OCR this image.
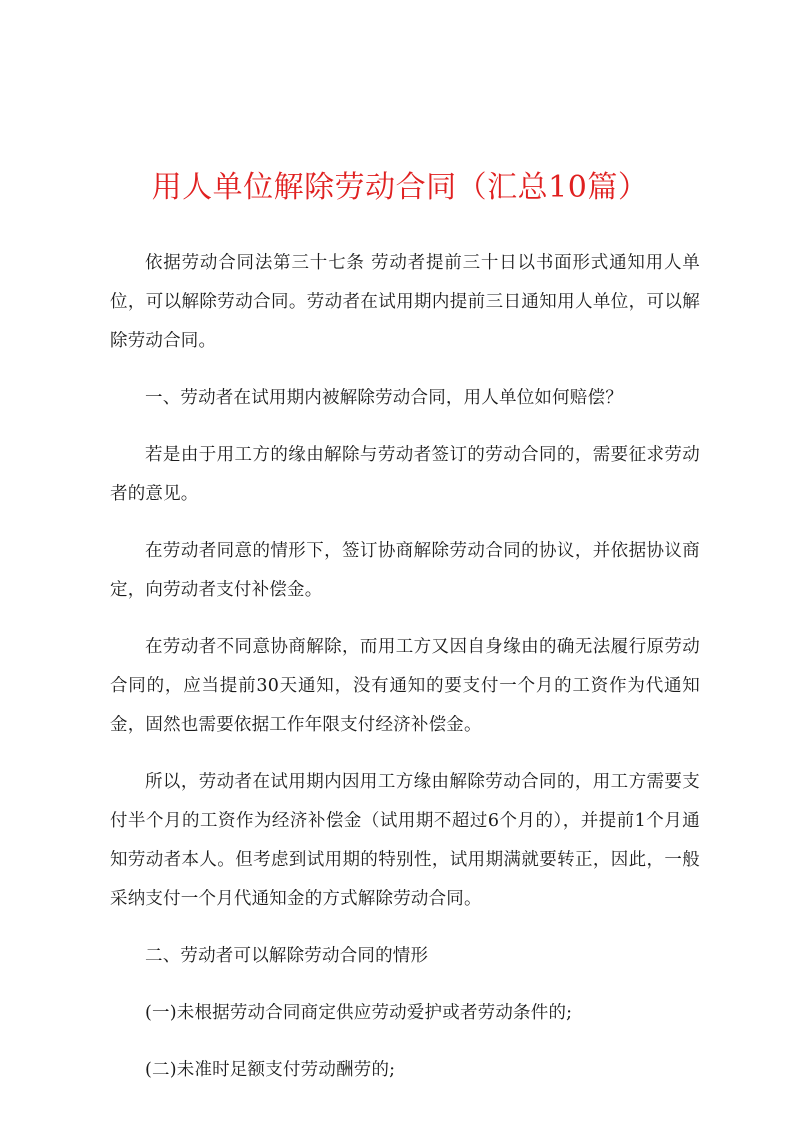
用人单位解除劳动合同（汇总10篇）

依据劳动合同法第三十七条 劳动者提前三十日以书面形式通知用人单位，可以解除劳动合同。劳动者在试用期内提前三日通知用人单位，可以解除劳动合同。

一、劳动者在试用期内被解除劳动合同，用人单位如何赔偿？

若是由于用工方的缘由解除与劳动者签订的劳动合同的，需要征求劳动者的意见。

在劳动者同意的情形下，签订协商解除劳动合同的协议，并依据协议商定，向劳动者支付补偿金。

在劳动者不同意协商解除，而用工方又因自身缘由的确无法履行原劳动合同的，应当提前30天通知，没有通知的要支付一个月的工资作为代通知金，固然也需要依据工作年限支付经济补偿金。

所以，劳动者在试用期内因用工方缘由解除劳动合同的，用工方需要支付半个月的工资作为经济补偿金（试用期不超过6个月的），并提前1个月通知劳动者本人。但考虑到试用期的特别性，试用期满就要转正，因此，一般采纳支付一个月代通知金的方式解除劳动合同。

二、劳动者可以解除劳动合同的情形

(一)未根据劳动合同商定供应劳动爱护或者劳动条件的;

(二)未准时足额支付劳动酬劳的;
